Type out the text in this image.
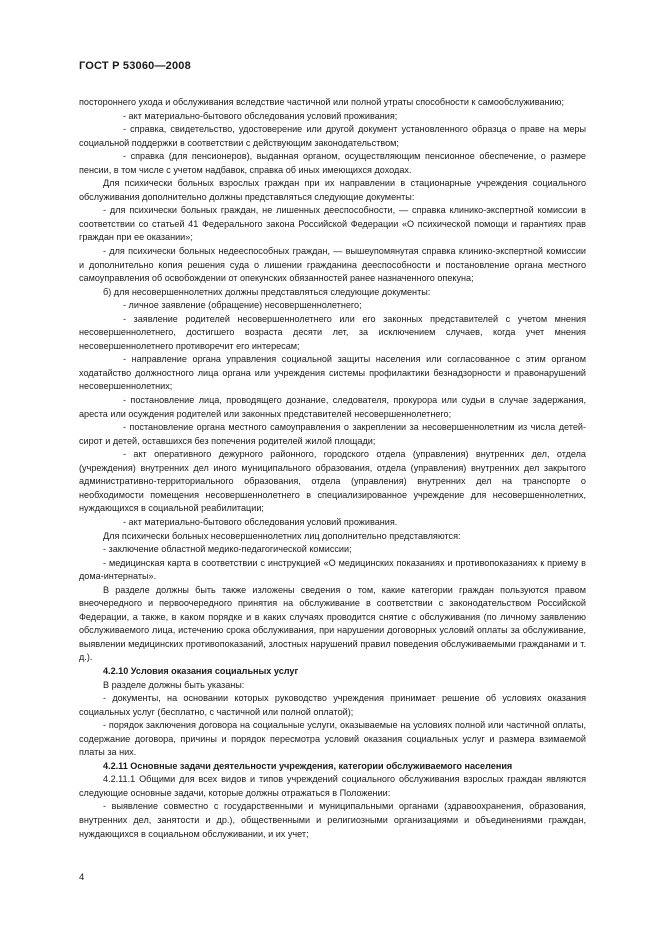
ГОСТ Р 53060—2008

постороннего ухода и обслуживания вследствие частичной или полной утраты способности к самообслуживанию;

- акт материально-бытового обследования условий проживания;

- справка, свидетельство, удостоверение или другой документ установленного образца о праве на меры социальной поддержки в соответствии с действующим законодательством;

- справка (для пенсионеров), выданная органом, осуществляющим пенсионное обеспечение, о размере пенсии, в том числе с учетом надбавок, справка об иных имеющихся доходах.

Для психически больных взрослых граждан при их направлении в стационарные учреждения социального обслуживания дополнительно должны представляться следующие документы:

- для психически больных граждан, не лишенных дееспособности, — справка клинико-экспертной комиссии в соответствии со статьей 41 Федерального закона Российской Федерации «О психической помощи и гарантиях прав граждан при ее оказании»;

- для психически больных недееспособных граждан, — вышеупомянутая справка клинико-экспертной комиссии и дополнительно копия решения суда о лишении гражданина дееспособности и постановление органа местного самоуправления об освобождении от опекунских обязанностей ранее назначенного опекуна;

б) для несовершеннолетних должны представляться следующие документы:

- личное заявление (обращение) несовершеннолетнего;

- заявление родителей несовершеннолетнего или его законных представителей с учетом мнения несовершеннолетнего, достигшего возраста десяти лет, за исключением случаев, когда учет мнения несовершеннолетнего противоречит его интересам;

- направление органа управления социальной защиты населения или согласованное с этим органом ходатайство должностного лица органа или учреждения системы профилактики безнадзорности и правонарушений несовершеннолетних;

- постановление лица, проводящего дознание, следователя, прокурора или судьи в случае задержания, ареста или осуждения родителей или законных представителей несовершеннолетнего;

- постановление органа местного самоуправления о закреплении за несовершеннолетним из числа детей-сирот и детей, оставшихся без попечения родителей жилой площади;

- акт оперативного дежурного районного, городского отдела (управления) внутренних дел, отдела (учреждения) внутренних дел иного муниципального образования, отдела (управления) внутренних дел закрытого административно-территориального образования, отдела (управления) внутренних дел на транспорте о необходимости помещения несовершеннолетнего в специализированное учреждение для несовершеннолетних, нуждающихся в социальной реабилитации;

- акт материально-бытового обследования условий проживания.

Для психически больных несовершеннолетних лиц дополнительно представляются:

- заключение областной медико-педагогической комиссии;

- медицинская карта в соответствии с инструкцией «О медицинских показаниях и противопоказаниях к приему в дома-интернаты».

В разделе должны быть также изложены сведения о том, какие категории граждан пользуются правом внеочередного и первоочередного принятия на обслуживание в соответствии с законодательством Российской Федерации, а также, в каком порядке и в каких случаях проводится снятие с обслуживания (по личному заявлению обслуживаемого лица, истечению срока обслуживания, при нарушении договорных условий оплаты за обслуживание, выявлении медицинских противопоказаний, злостных нарушений правил поведения обслуживаемыми гражданами и т. д.).

4.2.10 Условия оказания социальных услуг

В разделе должны быть указаны:

- документы, на основании которых руководство учреждения принимает решение об условиях оказания социальных услуг (бесплатно, с частичной или полной оплатой);

- порядок заключения договора на социальные услуги, оказываемые на условиях полной или частичной оплаты, содержание договора, причины и порядок пересмотра условий оказания социальных услуг и размера взимаемой платы за них.

4.2.11 Основные задачи деятельности учреждения, категории обслуживаемого населения

4.2.11.1 Общими для всех видов и типов учреждений социального обслуживания взрослых граждан являются следующие основные задачи, которые должны отражаться в Положении:

- выявление совместно с государственными и муниципальными органами (здравоохранения, образования, внутренних дел, занятости и др.), общественными и религиозными организациями и объединениями граждан, нуждающихся в социальном обслуживании, и их учет;

4
